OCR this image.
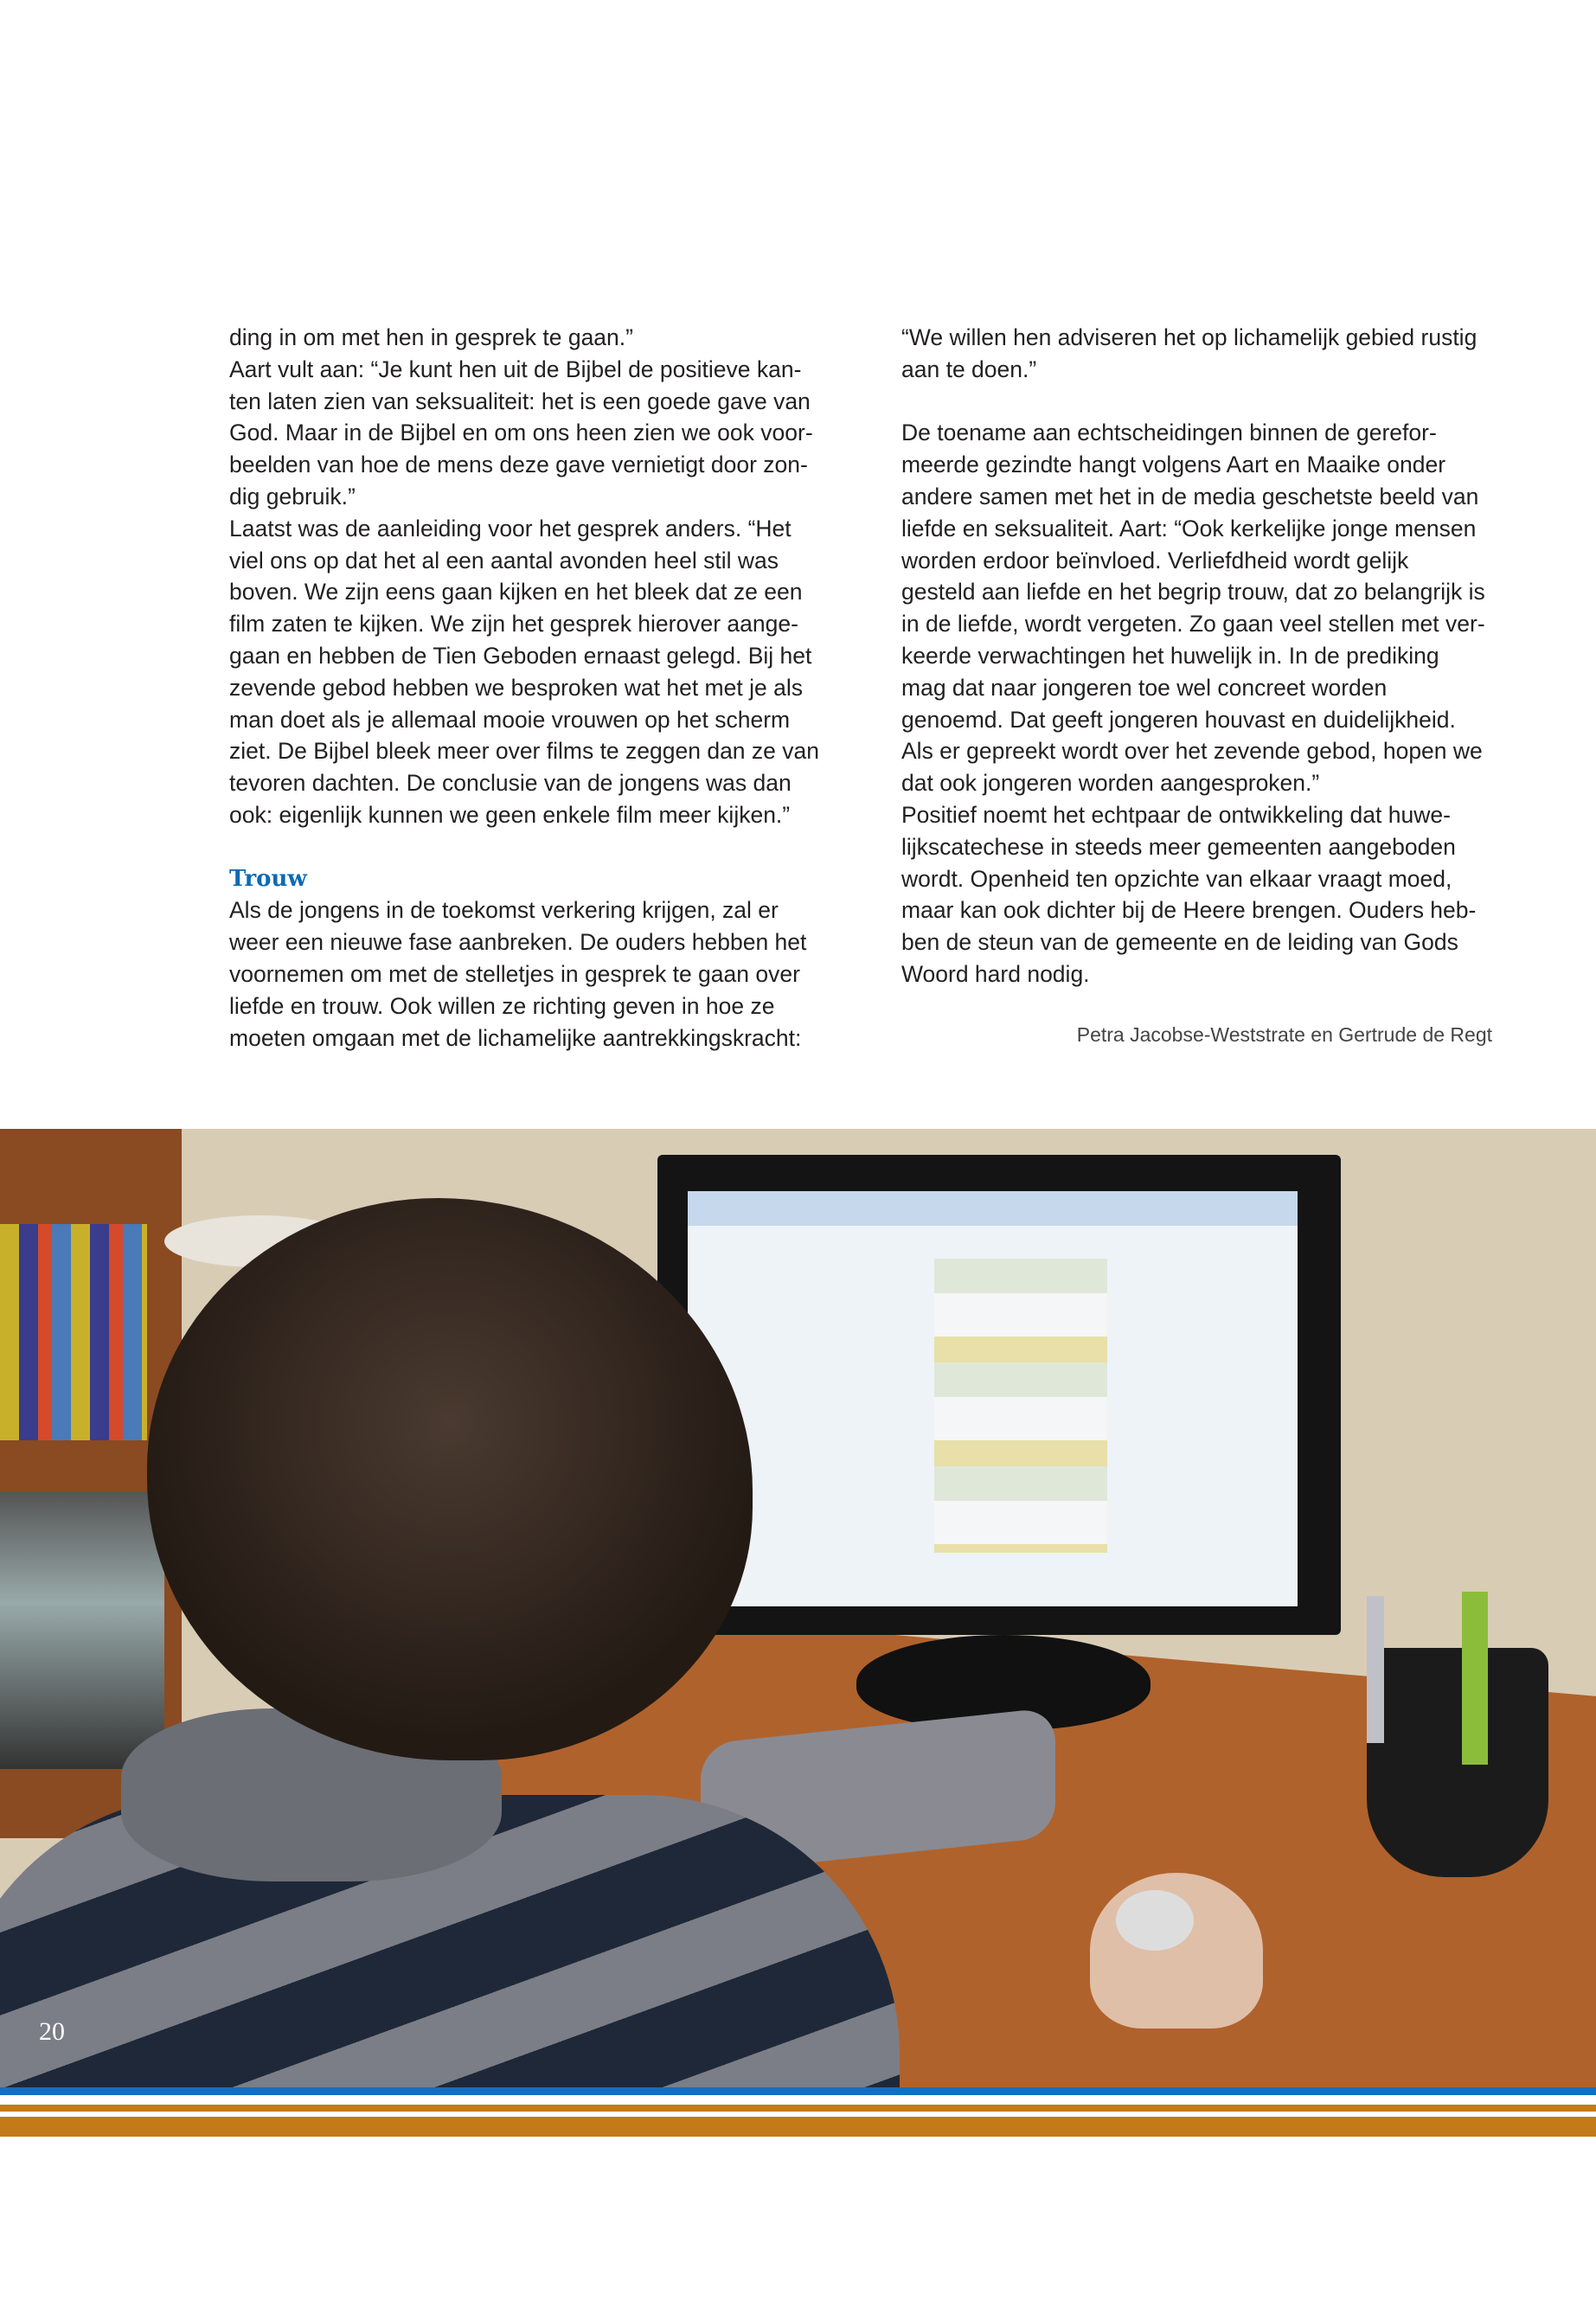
ding in om met hen in gesprek te gaan.”
Aart vult aan: “Je kunt hen uit de Bijbel de positieve kan-
ten laten zien van seksualiteit: het is een goede gave van
God. Maar in de Bijbel en om ons heen zien we ook voor-
beelden van hoe de mens deze gave vernietigt door zon-
dig gebruik.”
Laatst was de aanleiding voor het gesprek anders. “Het
viel ons op dat het al een aantal avonden heel stil was
boven. We zijn eens gaan kijken en het bleek dat ze een
film zaten te kijken. We zijn het gesprek hierover aange-
gaan en hebben de Tien Geboden ernaast gelegd. Bij het
zevende gebod hebben we besproken wat het met je als
man doet als je allemaal mooie vrouwen op het scherm
ziet. De Bijbel bleek meer over films te zeggen dan ze van
tevoren dachten. De conclusie van de jongens was dan
ook: eigenlijk kunnen we geen enkele film meer kijken.”
Trouw
Als de jongens in de toekomst verkering krijgen, zal er
weer een nieuwe fase aanbreken. De ouders hebben het
voornemen om met de stelletjes in gesprek te gaan over
liefde en trouw. Ook willen ze richting geven in hoe ze
moeten omgaan met de lichamelijke aantrekkingskracht:
“We willen hen adviseren het op lichamelijk gebied rustig
aan te doen.”
De toename aan echtscheidingen binnen de gerefor-
meerde gezindte hangt volgens Aart en Maaike onder
andere samen met het in de media geschetste beeld van
liefde en seksualiteit. Aart: “Ook kerkelijke jonge mensen
worden erdoor beïnvloed. Verliefdheid wordt gelijk
gesteld aan liefde en het begrip trouw, dat zo belangrijk is
in de liefde, wordt vergeten. Zo gaan veel stellen met ver-
keerde verwachtingen het huwelijk in. In de prediking
mag dat naar jongeren toe wel concreet worden
genoemd. Dat geeft jongeren houvast en duidelijkheid.
Als er gepreekt wordt over het zevende gebod, hopen we
dat ook jongeren worden aangesproken.”
Positief noemt het echtpaar de ontwikkeling dat huwe-
lijkscatechese in steeds meer gemeenten aangeboden
wordt. Openheid ten opzichte van elkaar vraagt moed,
maar kan ook dichter bij de Heere brengen. Ouders heb-
ben de steun van de gemeente en de leiding van Gods
Woord hard nodig.
Petra Jacobse-Weststrate en Gertrude de Regt
20
